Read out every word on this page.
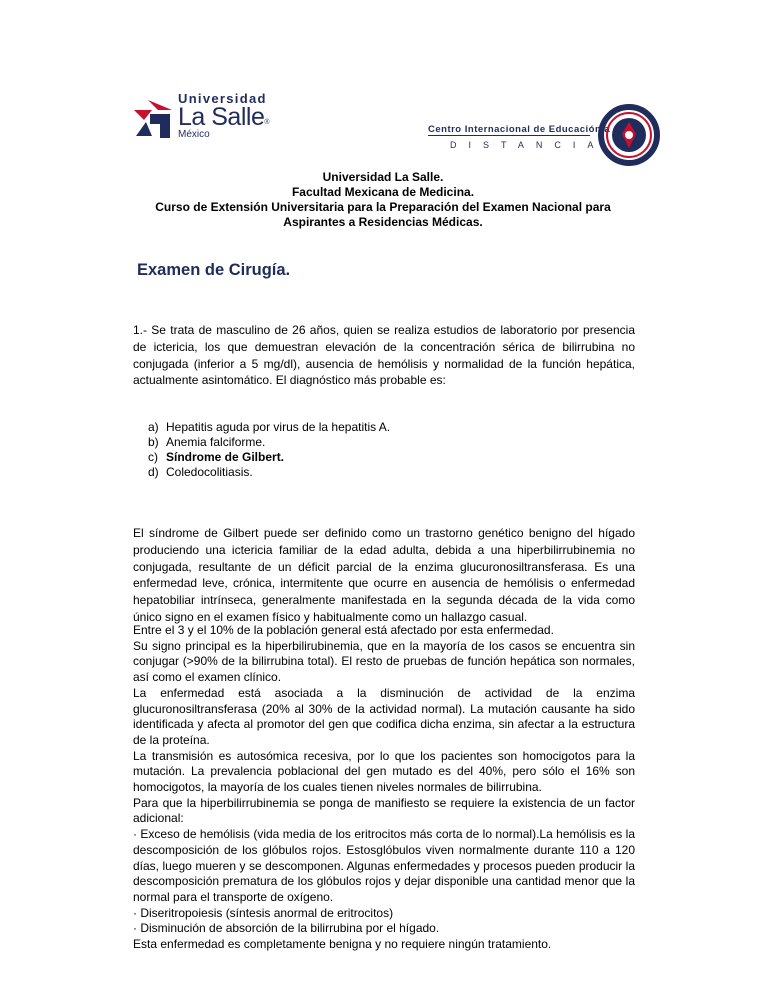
Universidad
La Salle®
México	Centro Internacional de Educación a
DISTANCIA
Universidad La Salle.
Facultad Mexicana de Medicina.
Curso de Extensión Universitaria para la Preparación del Examen Nacional para
Aspirantes a Residencias Médicas.
Examen de Cirugía.
1.- Se trata de masculino de 26 años, quien se realiza estudios de laboratorio por presencia de ictericia, los que demuestran elevación de la concentración sérica de bilirrubina no conjugada (inferior a 5 mg/dl), ausencia de hemólisis y normalidad de la función hepática, actualmente asintomático. El diagnóstico más probable es:
a) Hepatitis aguda por virus de la hepatitis A.
b) Anemia falciforme.
c) Síndrome de Gilbert.
d) Coledocolitiasis.
El síndrome de Gilbert puede ser definido como un trastorno genético benigno del hígado produciendo una ictericia familiar de la edad adulta, debida a una hiperbilirrubinemia no conjugada, resultante de un déficit parcial de la enzima glucuronosiltransferasa. Es una enfermedad leve, crónica, intermitente que ocurre en ausencia de hemólisis o enfermedad hepatobiliar intrínseca, generalmente manifestada en la segunda década de la vida como único signo en el examen físico y habitualmente como un hallazgo casual.
Entre el 3 y el 10% de la población general está afectado por esta enfermedad.
Su signo principal es la hiperbilirubinemia, que en la mayoría de los casos se encuentra sin conjugar (>90% de la bilirrubina total). El resto de pruebas de función hepática son normales, así como el examen clínico.
La enfermedad está asociada a la disminución de actividad de la enzima glucuronosiltransferasa (20% al 30% de la actividad normal). La mutación causante ha sido identificada y afecta al promotor del gen que codifica dicha enzima, sin afectar a la estructura de la proteína.
La transmisión es autosómica recesiva, por lo que los pacientes son homocigotos para la mutación. La prevalencia poblacional del gen mutado es del 40%, pero sólo el 16% son homocigotos, la mayoría de los cuales tienen niveles normales de bilirrubina.
Para que la hiperbilirrubinemia se ponga de manifiesto se requiere la existencia de un factor adicional:
· Exceso de hemólisis (vida media de los eritrocitos más corta de lo normal).La hemólisis es la descomposición de los glóbulos rojos. Estosglóbulos viven normalmente durante 110 a 120 días, luego mueren y se descomponen. Algunas enfermedades y procesos pueden producir la descomposición prematura de los glóbulos rojos y dejar disponible una cantidad menor que la normal para el transporte de oxígeno.
· Diseritropoiesis (síntesis anormal de eritrocitos)
· Disminución de absorción de la bilirrubina por el hígado.
Esta enfermedad es completamente benigna y no requiere ningún tratamiento.
